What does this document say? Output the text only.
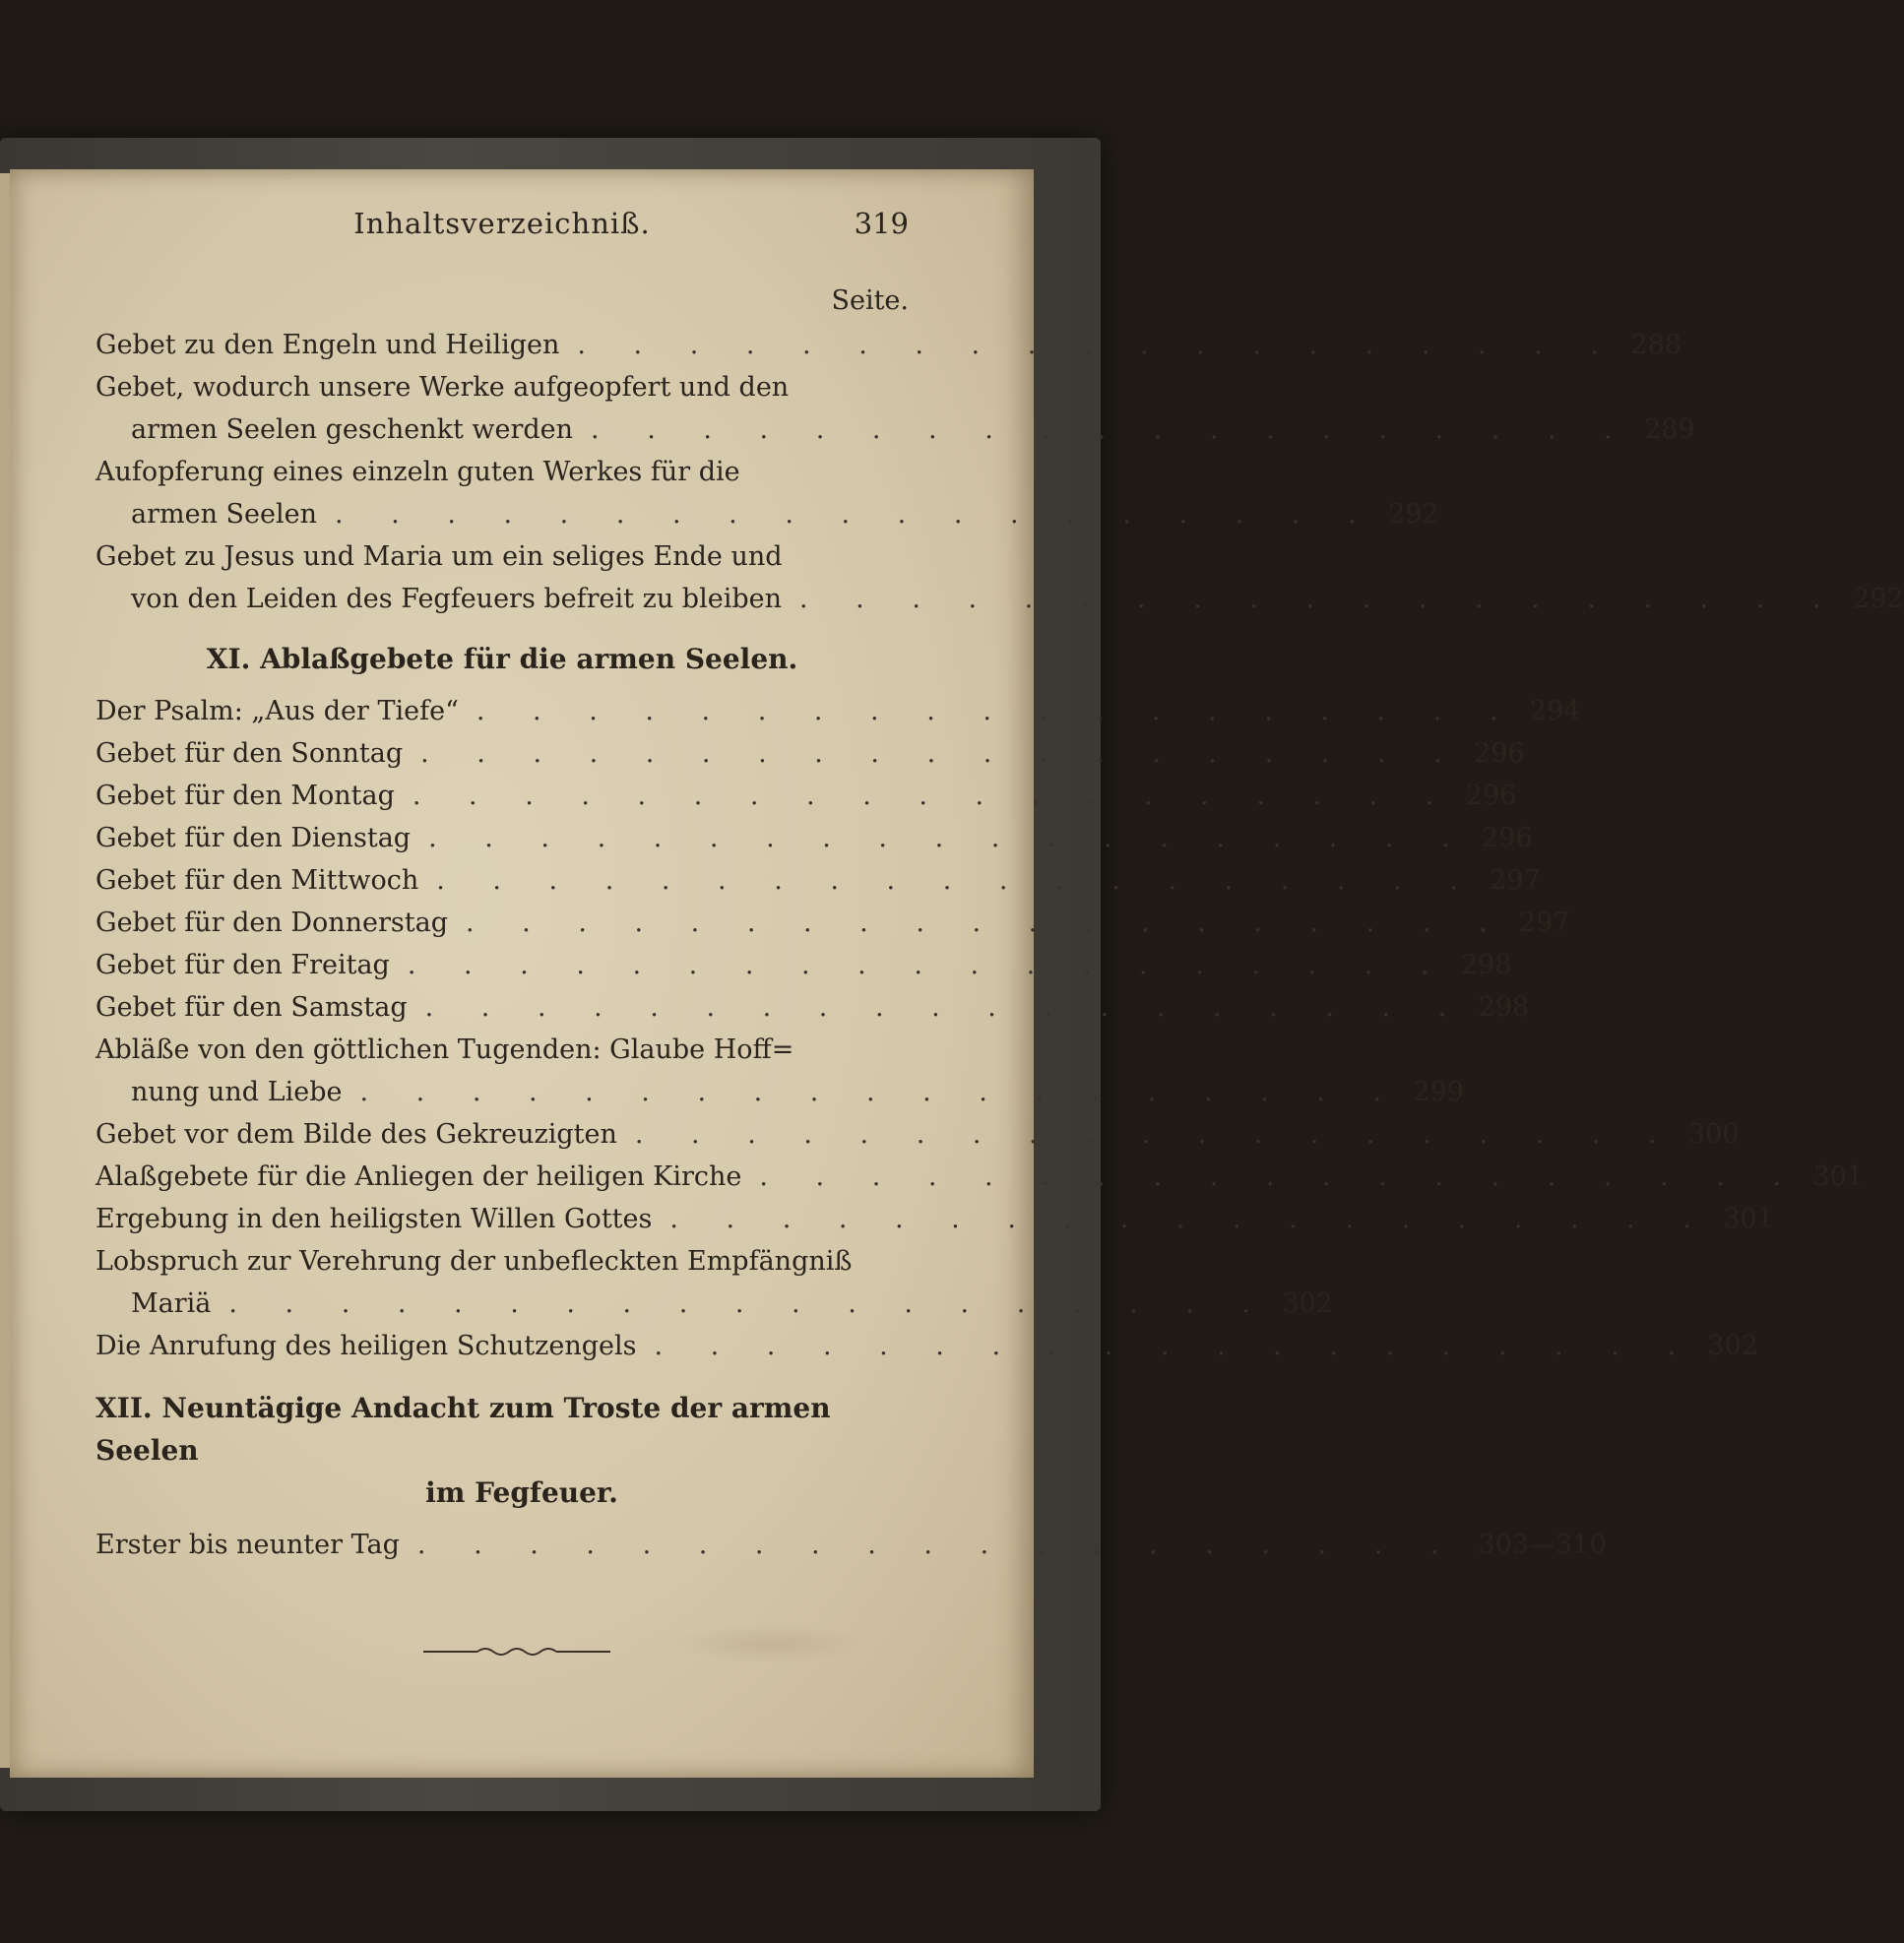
Inhaltsverzeichniß.	319
Seite.
Gebet zu den Engeln und Heiligen . . . . . . . . . . . . . . . . . . . 288
Gebet, wodurch unsere Werke aufgeopfert und den
armen Seelen geschenkt werden . . . . . . . . . . . . . . . . . . . 289
Aufopferung eines einzeln guten Werkes für die
armen Seelen . . . . . . . . . . . . . . . . . . . 292
Gebet zu Jesus und Maria um ein seliges Ende und
von den Leiden des Fegfeuers befreit zu bleiben . . . . . . . . . . . . . . . . . . . 292
XI. Ablaßgebete für die armen Seelen.
Der Psalm: „Aus der Tiefe“ . . . . . . . . . . . . . . . . . . . 294
Gebet für den Sonntag . . . . . . . . . . . . . . . . . . . 296
Gebet für den Montag . . . . . . . . . . . . . . . . . . . 296
Gebet für den Dienstag . . . . . . . . . . . . . . . . . . . 296
Gebet für den Mittwoch . . . . . . . . . . . . . . . . . . . 297
Gebet für den Donnerstag . . . . . . . . . . . . . . . . . . . 297
Gebet für den Freitag . . . . . . . . . . . . . . . . . . . 298
Gebet für den Samstag . . . . . . . . . . . . . . . . . . . 298
Abläße von den göttlichen Tugenden: Glaube Hoff=
nung und Liebe . . . . . . . . . . . . . . . . . . . 299
Gebet vor dem Bilde des Gekreuzigten . . . . . . . . . . . . . . . . . . . 300
Alaßgebete für die Anliegen der heiligen Kirche . . . . . . . . . . . . . . . . . . . 301
Ergebung in den heiligsten Willen Gottes . . . . . . . . . . . . . . . . . . . 301
Lobspruch zur Verehrung der unbefleckten Empfängniß
Mariä . . . . . . . . . . . . . . . . . . . 302
Die Anrufung des heiligen Schutzengels . . . . . . . . . . . . . . . . . . . 302
XII. Neuntägige Andacht zum Troste der armen Seelen
im Fegfeuer.
Erster bis neunter Tag . . . . . . . . . . . . . . . . . . . 303—310
